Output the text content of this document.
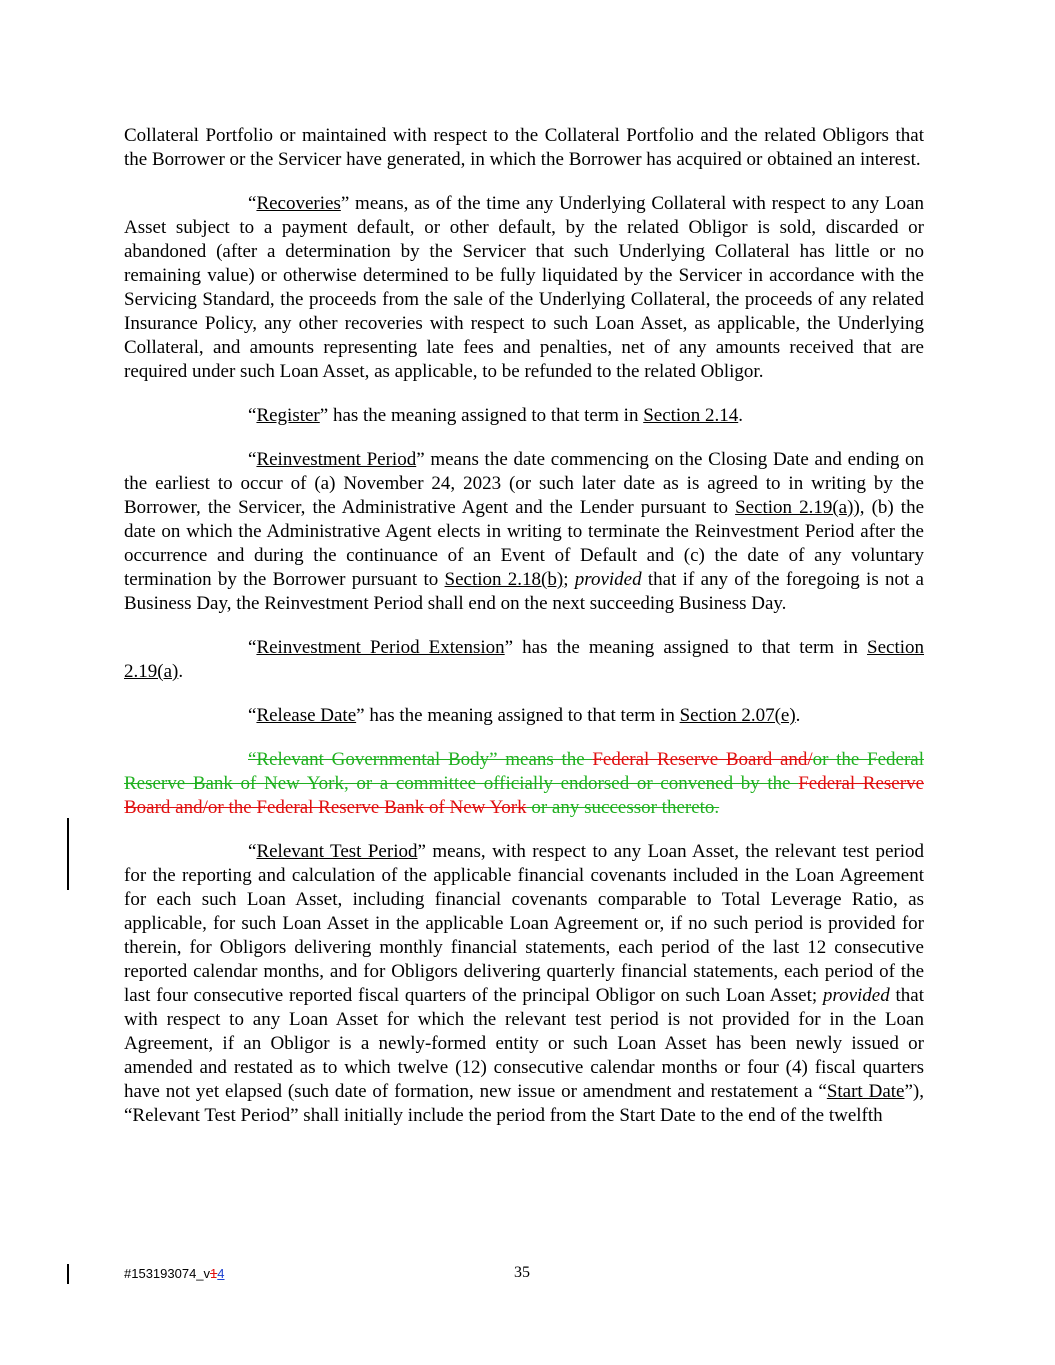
Collateral Portfolio or maintained with respect to the Collateral Portfolio and the related Obligors that the Borrower or the Servicer have generated, in which the Borrower has acquired or obtained an interest.

“Recoveries” means, as of the time any Underlying Collateral with respect to any Loan Asset subject to a payment default, or other default, by the related Obligor is sold, discarded or abandoned (after a determination by the Servicer that such Underlying Collateral has little or no remaining value) or otherwise determined to be fully liquidated by the Servicer in accordance with the Servicing Standard, the proceeds from the sale of the Underlying Collateral, the proceeds of any related Insurance Policy, any other recoveries with respect to such Loan Asset, as applicable, the Underlying Collateral, and amounts representing late fees and penalties, net of any amounts received that are required under such Loan Asset, as applicable, to be refunded to the related Obligor.

“Register” has the meaning assigned to that term in Section 2.14.

“Reinvestment Period” means the date commencing on the Closing Date and ending on the earliest to occur of (a) November 24, 2023 (or such later date as is agreed to in writing by the Borrower, the Servicer, the Administrative Agent and the Lender pursuant to Section 2.19(a)), (b) the date on which the Administrative Agent elects in writing to terminate the Reinvestment Period after the occurrence and during the continuance of an Event of Default and (c) the date of any voluntary termination by the Borrower pursuant to Section 2.18(b); provided that if any of the foregoing is not a Business Day, the Reinvestment Period shall end on the next succeeding Business Day.

“Reinvestment Period Extension” has the meaning assigned to that term in Section 2.19(a).

“Release Date” has the meaning assigned to that term in Section 2.07(e).

“Relevant Governmental Body” means the Federal Reserve Board and/or the Federal Reserve Bank of New York, or a committee officially endorsed or convened by the Federal Reserve Board and/or the Federal Reserve Bank of New York or any successor thereto.

“Relevant Test Period” means, with respect to any Loan Asset, the relevant test period for the reporting and calculation of the applicable financial covenants included in the Loan Agreement for each such Loan Asset, including financial covenants comparable to Total Leverage Ratio, as applicable, for such Loan Asset in the applicable Loan Agreement or, if no such period is provided for therein, for Obligors delivering monthly financial statements, each period of the last 12 consecutive reported calendar months, and for Obligors delivering quarterly financial statements, each period of the last four consecutive reported fiscal quarters of the principal Obligor on such Loan Asset; provided that with respect to any Loan Asset for which the relevant test period is not provided for in the Loan Agreement, if an Obligor is a newly-formed entity or such Loan Asset has been newly issued or amended and restated as to which twelve (12) consecutive calendar months or four (4) fiscal quarters have not yet elapsed (such date of formation, new issue or amendment and restatement a “Start Date”), “Relevant Test Period” shall initially include the period from the Start Date to the end of the twelfth

#153193074_v14	35
